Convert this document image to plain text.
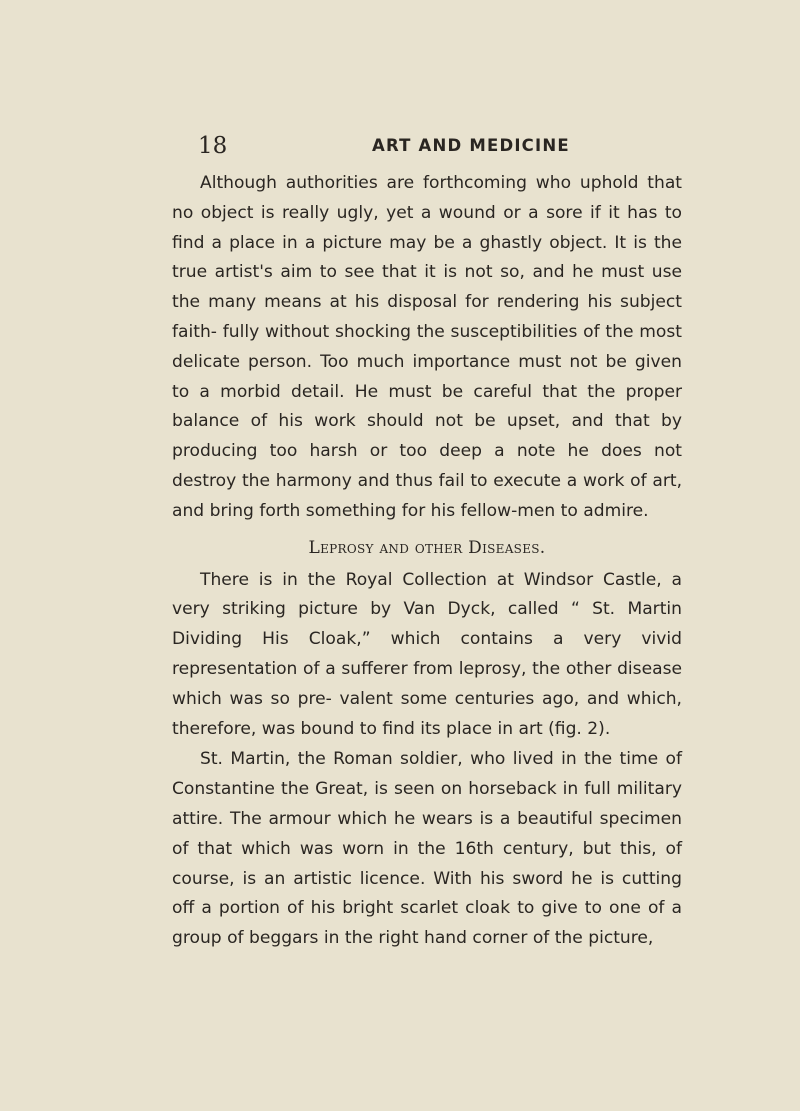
18	ART AND MEDICINE

Although authorities are forthcoming who uphold that no object is really ugly, yet a wound or a sore if it has to find a place in a picture may be a ghastly object. It is the true artist's aim to see that it is not so, and he must use the many means at his disposal for rendering his subject faith- fully without shocking the susceptibilities of the most delicate person. Too much importance must not be given to a morbid detail. He must be careful that the proper balance of his work should not be upset, and that by producing too harsh or too deep a note he does not destroy the harmony and thus fail to execute a work of art, and bring forth something for his fellow-men to admire.

Leprosy and other Diseases.

There is in the Royal Collection at Windsor Castle, a very striking picture by Van Dyck, called “ St. Martin Dividing His Cloak,” which contains a very vivid representation of a sufferer from leprosy, the other disease which was so pre- valent some centuries ago, and which, therefore, was bound to find its place in art (fig. 2).

St. Martin, the Roman soldier, who lived in the time of Constantine the Great, is seen on horseback in full military attire. The armour which he wears is a beautiful specimen of that which was worn in the 16th century, but this, of course, is an artistic licence. With his sword he is cutting off a portion of his bright scarlet cloak to give to one of a group of beggars in the right hand corner of the picture,
